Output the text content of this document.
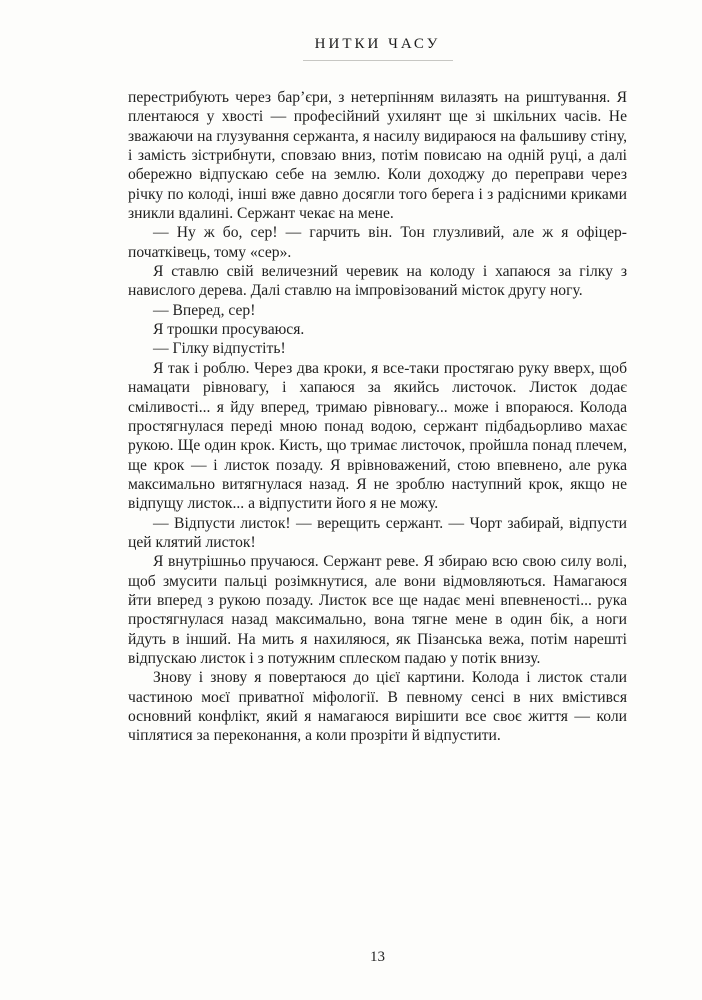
НИТКИ ЧАСУ

перестрибують через бар’єри, з нетерпінням вилазять на риштування. Я плентаюся у хвості — професійний ухилянт ще зі шкільних часів. Не зважаючи на глузування сержанта, я насилу видираюся на фальшиву стіну, і замість зістрибнути, сповзаю вниз, потім повисаю на одній руці, а далі обережно відпускаю себе на землю. Коли доходжу до переправи через річку по колоді, інші вже давно досягли того берега і з радісними криками зникли вдалині. Сержант чекає на мене.

— Ну ж бо, сер! — гарчить він. Тон глузливий, але ж я офіцер-початківець, тому «сер».

Я ставлю свій величезний черевик на колоду і хапаюся за гілку з навислого дерева. Далі ставлю на імпровізований місток другу ногу.

— Вперед, сер!

Я трошки просуваюся.

— Гілку відпустіть!

Я так і роблю. Через два кроки, я все-таки простягаю руку вверх, щоб намацати рівновагу, і хапаюся за якийсь листочок. Листок додає сміливості... я йду вперед, тримаю рівновагу... може і впораюся. Колода простягнулася переді мною понад водою, сержант підбадьорливо махає рукою. Ще один крок. Кисть, що тримає листочок, пройшла понад плечем, ще крок — і листок позаду. Я врівноважений, стою впевнено, але рука максимально витягнулася назад. Я не зроблю наступний крок, якщо не відпущу листок... а відпустити його я не можу.

— Відпусти листок! — верещить сержант. — Чорт забирай, відпусти цей клятий листок!

Я внутрішньо пручаюся. Сержант реве. Я збираю всю свою силу волі, щоб змусити пальці розімкнутися, але вони відмовляються. Намагаюся йти вперед з рукою позаду. Листок все ще надає мені впевненості... рука простягнулася назад максимально, вона тягне мене в один бік, а ноги йдуть в інший. На мить я нахиляюся, як Пізанська вежа, потім нарешті відпускаю листок і з потужним сплеском падаю у потік внизу.

Знову і знову я повертаюся до цієї картини. Колода і листок стали частиною моєї приватної міфології. В певному сенсі в них вмістився основний конфлікт, який я намагаюся вирішити все своє життя — коли чіплятися за переконання, а коли прозріти й відпустити.

13
